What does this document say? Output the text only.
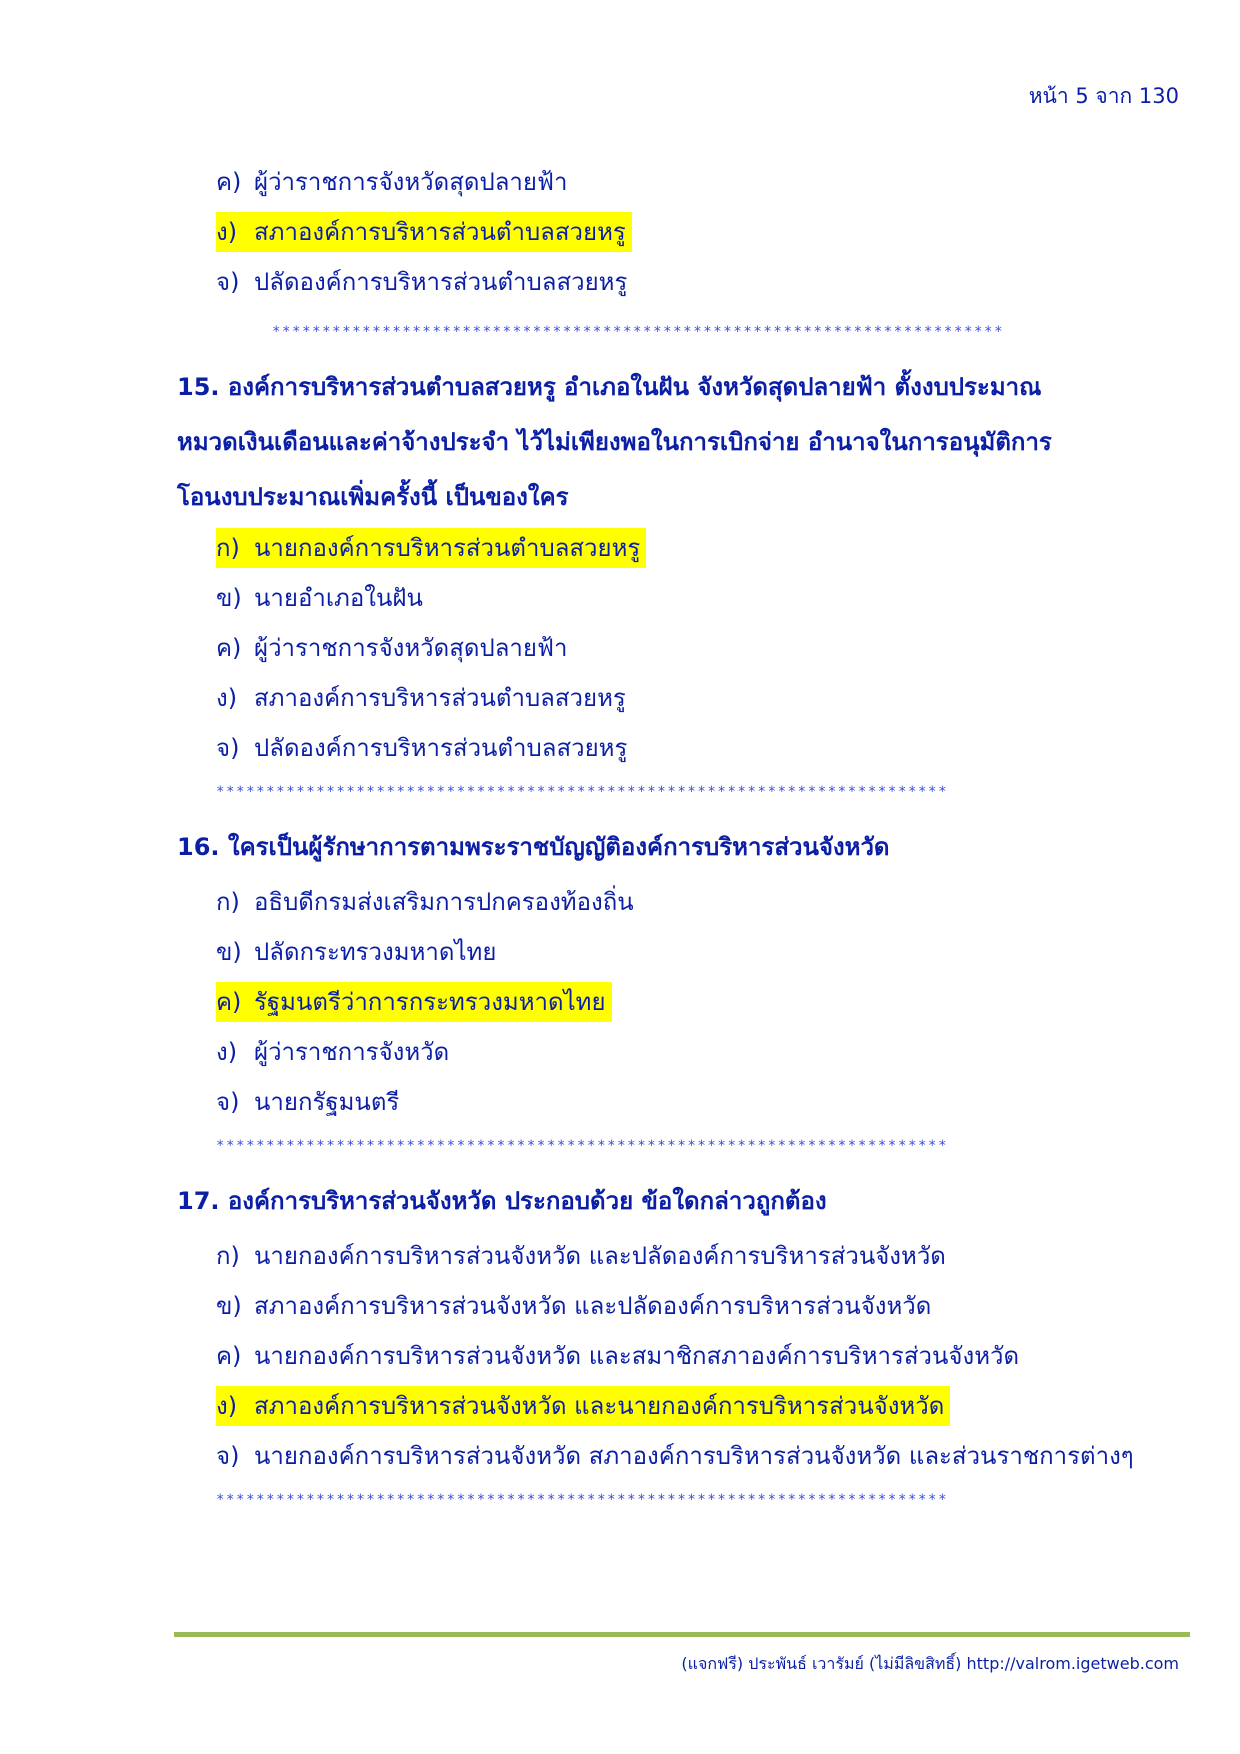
หน้า 5 จาก 130
ค) ผู้ว่าราชการจังหวัดสุดปลายฟ้า
ง) สภาองค์การบริหารส่วนตำบลสวยหรู
จ) ปลัดองค์การบริหารส่วนตำบลสวยหรู
*************************************************************************
15. องค์การบริหารส่วนตำบลสวยหรู อำเภอในฝัน จังหวัดสุดปลายฟ้า ตั้งงบประมาณ
หมวดเงินเดือนและค่าจ้างประจำ ไว้ไม่เพียงพอในการเบิกจ่าย อำนาจในการอนุมัติการ
โอนงบประมาณเพิ่มครั้งนี้ เป็นของใคร
ก) นายกองค์การบริหารส่วนตำบลสวยหรู
ข) นายอำเภอในฝัน
ค) ผู้ว่าราชการจังหวัดสุดปลายฟ้า
ง) สภาองค์การบริหารส่วนตำบลสวยหรู
จ) ปลัดองค์การบริหารส่วนตำบลสวยหรู
*************************************************************************
16. ใครเป็นผู้รักษาการตามพระราชบัญญัติองค์การบริหารส่วนจังหวัด
ก) อธิบดีกรมส่งเสริมการปกครองท้องถิ่น
ข) ปลัดกระทรวงมหาดไทย
ค) รัฐมนตรีว่าการกระทรวงมหาดไทย
ง) ผู้ว่าราชการจังหวัด
จ) นายกรัฐมนตรี
*************************************************************************
17. องค์การบริหารส่วนจังหวัด ประกอบด้วย ข้อใดกล่าวถูกต้อง
ก) นายกองค์การบริหารส่วนจังหวัด และปลัดองค์การบริหารส่วนจังหวัด
ข) สภาองค์การบริหารส่วนจังหวัด และปลัดองค์การบริหารส่วนจังหวัด
ค) นายกองค์การบริหารส่วนจังหวัด และสมาชิกสภาองค์การบริหารส่วนจังหวัด
ง) สภาองค์การบริหารส่วนจังหวัด และนายกองค์การบริหารส่วนจังหวัด
จ) นายกองค์การบริหารส่วนจังหวัด สภาองค์การบริหารส่วนจังหวัด และส่วนราชการต่างๆ
*************************************************************************
(แจกฟรี) ประพันธ์ เวารัมย์ (ไม่มีลิขสิทธิ์) http://valrom.igetweb.com
